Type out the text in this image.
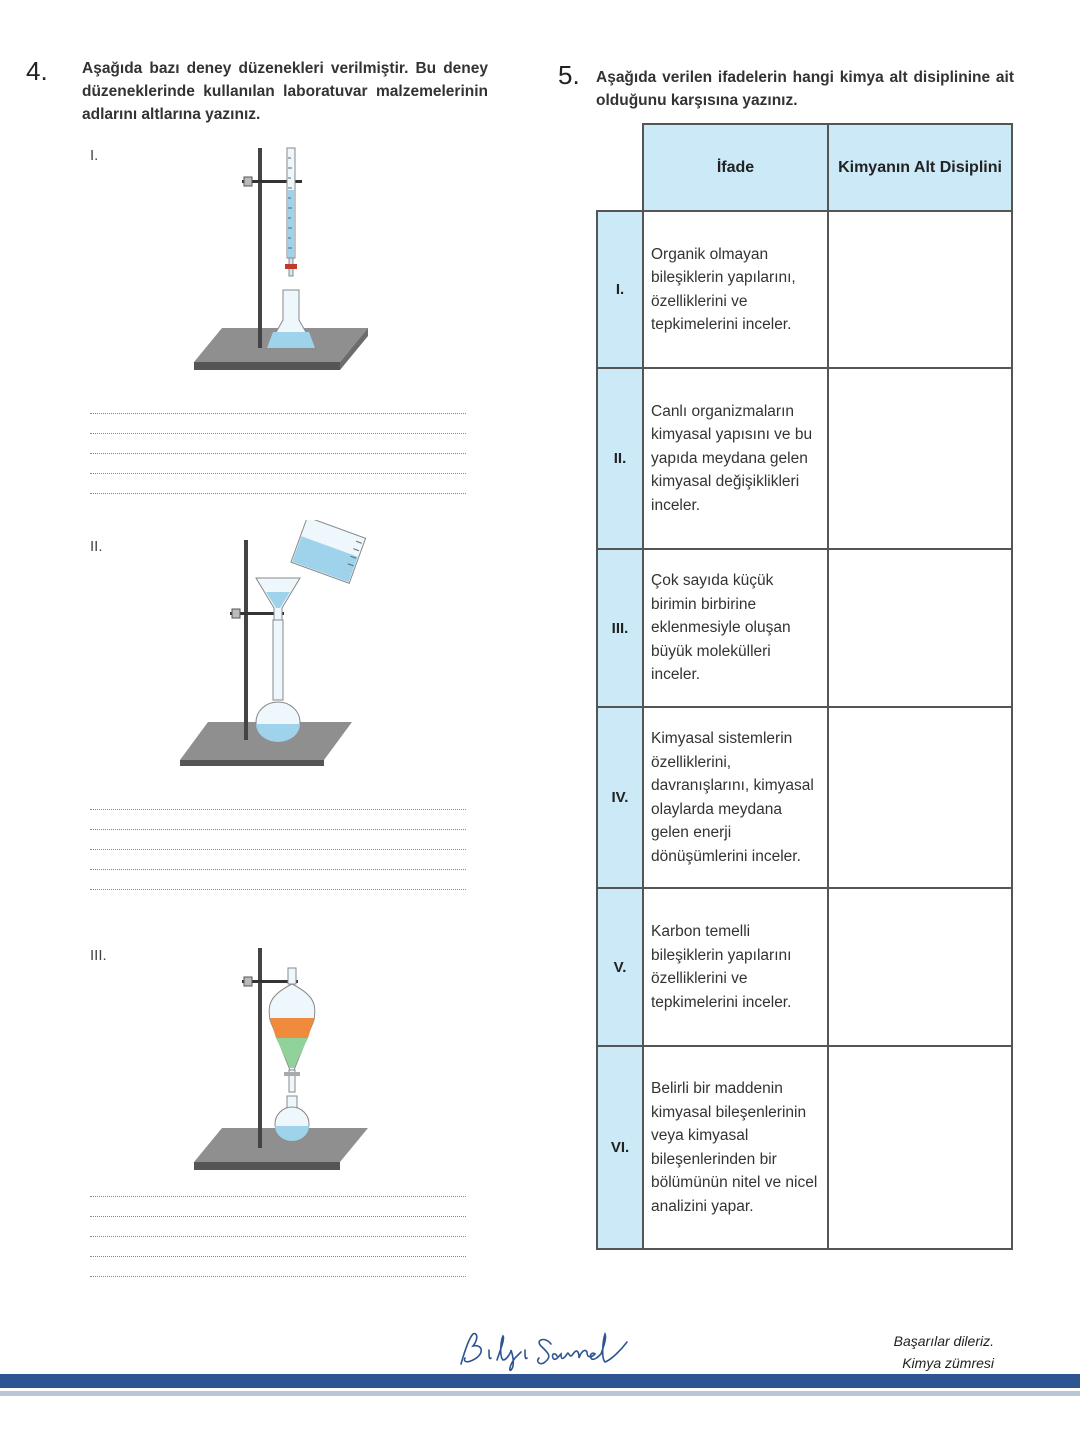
4. Aşağıda bazı deney düzenekleri verilmiştir. Bu deney düzeneklerinde kullanılan laboratuvar malzemelerinin adlarını altlarına yazınız.
I.
II.
III.
5. Aşağıda verilen ifadelerin hangi kimya alt disiplinine ait olduğunu karşısına yazınız.
	İfade	Kimyanın Alt Disiplini
I.	Organik olmayan bileşiklerin yapılarını, özelliklerini ve tepkimelerini inceler.	
II.	Canlı organizmaların kimyasal yapısını ve bu yapıda meydana gelen kimyasal değişiklikleri inceler.	
III.	Çok sayıda küçük birimin birbirine eklenmesiyle oluşan büyük molekülleri inceler.	
IV.	Kimyasal sistemlerin özelliklerini, davranışlarını, kimyasal olaylarda meydana gelen enerji dönüşümlerini inceler.	
V.	Karbon temelli bileşiklerin yapılarını özelliklerini ve tepkimelerini inceler.	
VI.	Belirli bir maddenin kimyasal bileşenlerinin veya kimyasal bileşenlerinden bir bölümünün nitel ve nicel analizini yapar.	
Başarılar dileriz.
Kimya zümresi
